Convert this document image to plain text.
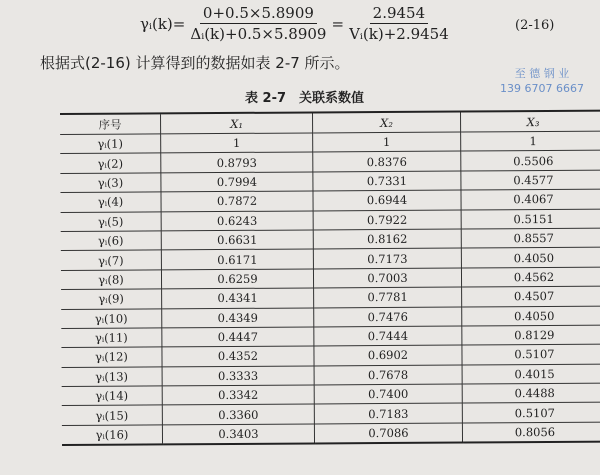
γᵢ(k)= $\frac{0+0.5\times 5.8909}{\text{Δᵢ(k)+0.5×5.8909}} = \frac{2.9454}{\text{Vᵢ(k)+2.9454}}$	(2-16)
根据式(2-16) 计算得到的数据如表 2-7 所示。
至 德 钢 业
139 6707 6667
表 2-7　关联系数值
序号	X₁	X₂	X₃
γᵢ(1)	1	1	1
γᵢ(2)	0.8793	0.8376	0.5506
γᵢ(3)	0.7994	0.7331	0.4577
γᵢ(4)	0.7872	0.6944	0.4067
γᵢ(5)	0.6243	0.7922	0.5151
γᵢ(6)	0.6631	0.8162	0.8557
γᵢ(7)	0.6171	0.7173	0.4050
γᵢ(8)	0.6259	0.7003	0.4562
γᵢ(9)	0.4341	0.7781	0.4507
γᵢ(10)	0.4349	0.7476	0.4050
γᵢ(11)	0.4447	0.7444	0.8129
γᵢ(12)	0.4352	0.6902	0.5107
γᵢ(13)	0.3333	0.7678	0.4015
γᵢ(14)	0.3342	0.7400	0.4488
γᵢ(15)	0.3360	0.7183	0.5107
γᵢ(16)	0.3403	0.7086	0.8056
